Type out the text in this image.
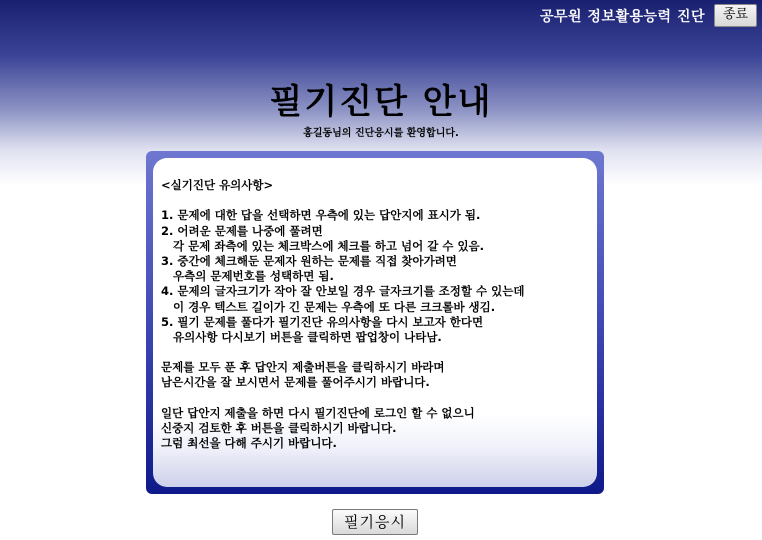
공무원 정보활용능력 진단	종료
필기진단 안내
홍길동님의 진단응시를 환영합니다.
<실기진단 유의사항>
1. 문제에 대한 답을 선택하면 우측에 있는 답안지에 표시가 됨.
2. 어려운 문제를 나중에 풀려면
각 문제 좌측에 있는 체크박스에 체크를 하고 넘어 갈 수 있음.
3. 중간에 체크해둔 문제자 원하는 문제를 직접 찾아가려면
우측의 문제번호를 성택하면 됨.
4. 문제의 글자크기가 작아 잘 안보일 경우 글자크기를 조정할 수 있는데
이 경우 텍스트 길이가 긴 문제는 우측에 또 다른 크크롤바 생김.
5. 필기 문제를 풀다가 필기진단 유의사항을 다시 보고자 한다면
유의사항 다시보기 버튼을 클릭하면 팝업창이 나타남.
문제를 모두 푼 후 답안지 제출버튼을 클릭하시기 바라며
남은시간을 잘 보시면서 문제를 풀어주시기 바랍니다.
일단 답안지 제출을 하면 다시 필기진단에 로그인 할 수 없으니
신중지 검토한 후 버튼을 클릭하시기 바랍니다.
그럼 최선을 다해 주시기 바랍니다.
필기응시
